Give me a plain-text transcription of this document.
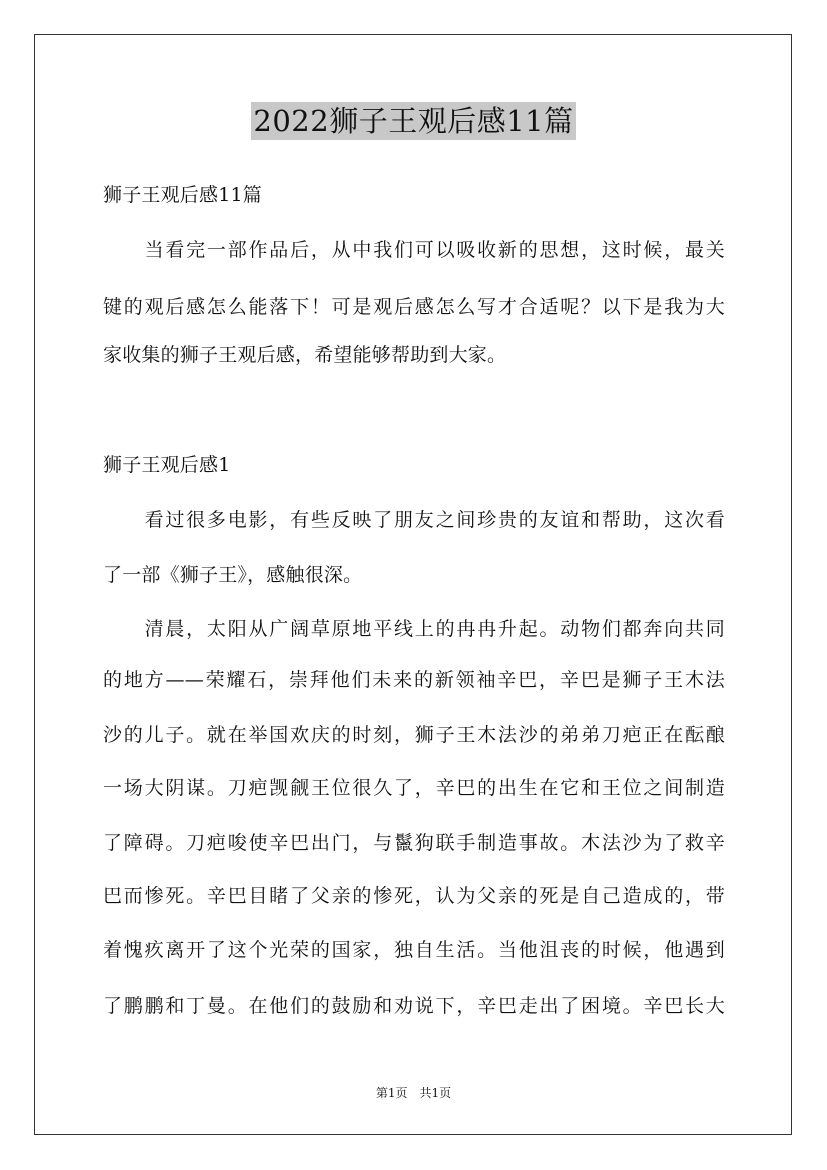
2022狮子王观后感11篇
狮子王观后感11篇
　　当看完一部作品后，从中我们可以吸收新的思想，这时候，最关
键的观后感怎么能落下！可是观后感怎么写才合适呢？以下是我为大
家收集的狮子王观后感，希望能够帮助到大家。
狮子王观后感1
　　看过很多电影，有些反映了朋友之间珍贵的友谊和帮助，这次看
了一部《狮子王》，感触很深。
　　清晨，太阳从广阔草原地平线上的冉冉升起。动物们都奔向共同
的地方——荣耀石，崇拜他们未来的新领袖辛巴，辛巴是狮子王木法
沙的儿子。就在举国欢庆的时刻，狮子王木法沙的弟弟刀疤正在酝酿
一场大阴谋。刀疤觊觎王位很久了，辛巴的出生在它和王位之间制造
了障碍。刀疤唆使辛巴出门，与鬣狗联手制造事故。木法沙为了救辛
巴而惨死。辛巴目睹了父亲的惨死，认为父亲的死是自己造成的，带
着愧疚离开了这个光荣的国家，独自生活。当他沮丧的时候，他遇到
了鹏鹏和丁曼。在他们的鼓励和劝说下，辛巴走出了困境。辛巴长大
第1页　共1页
